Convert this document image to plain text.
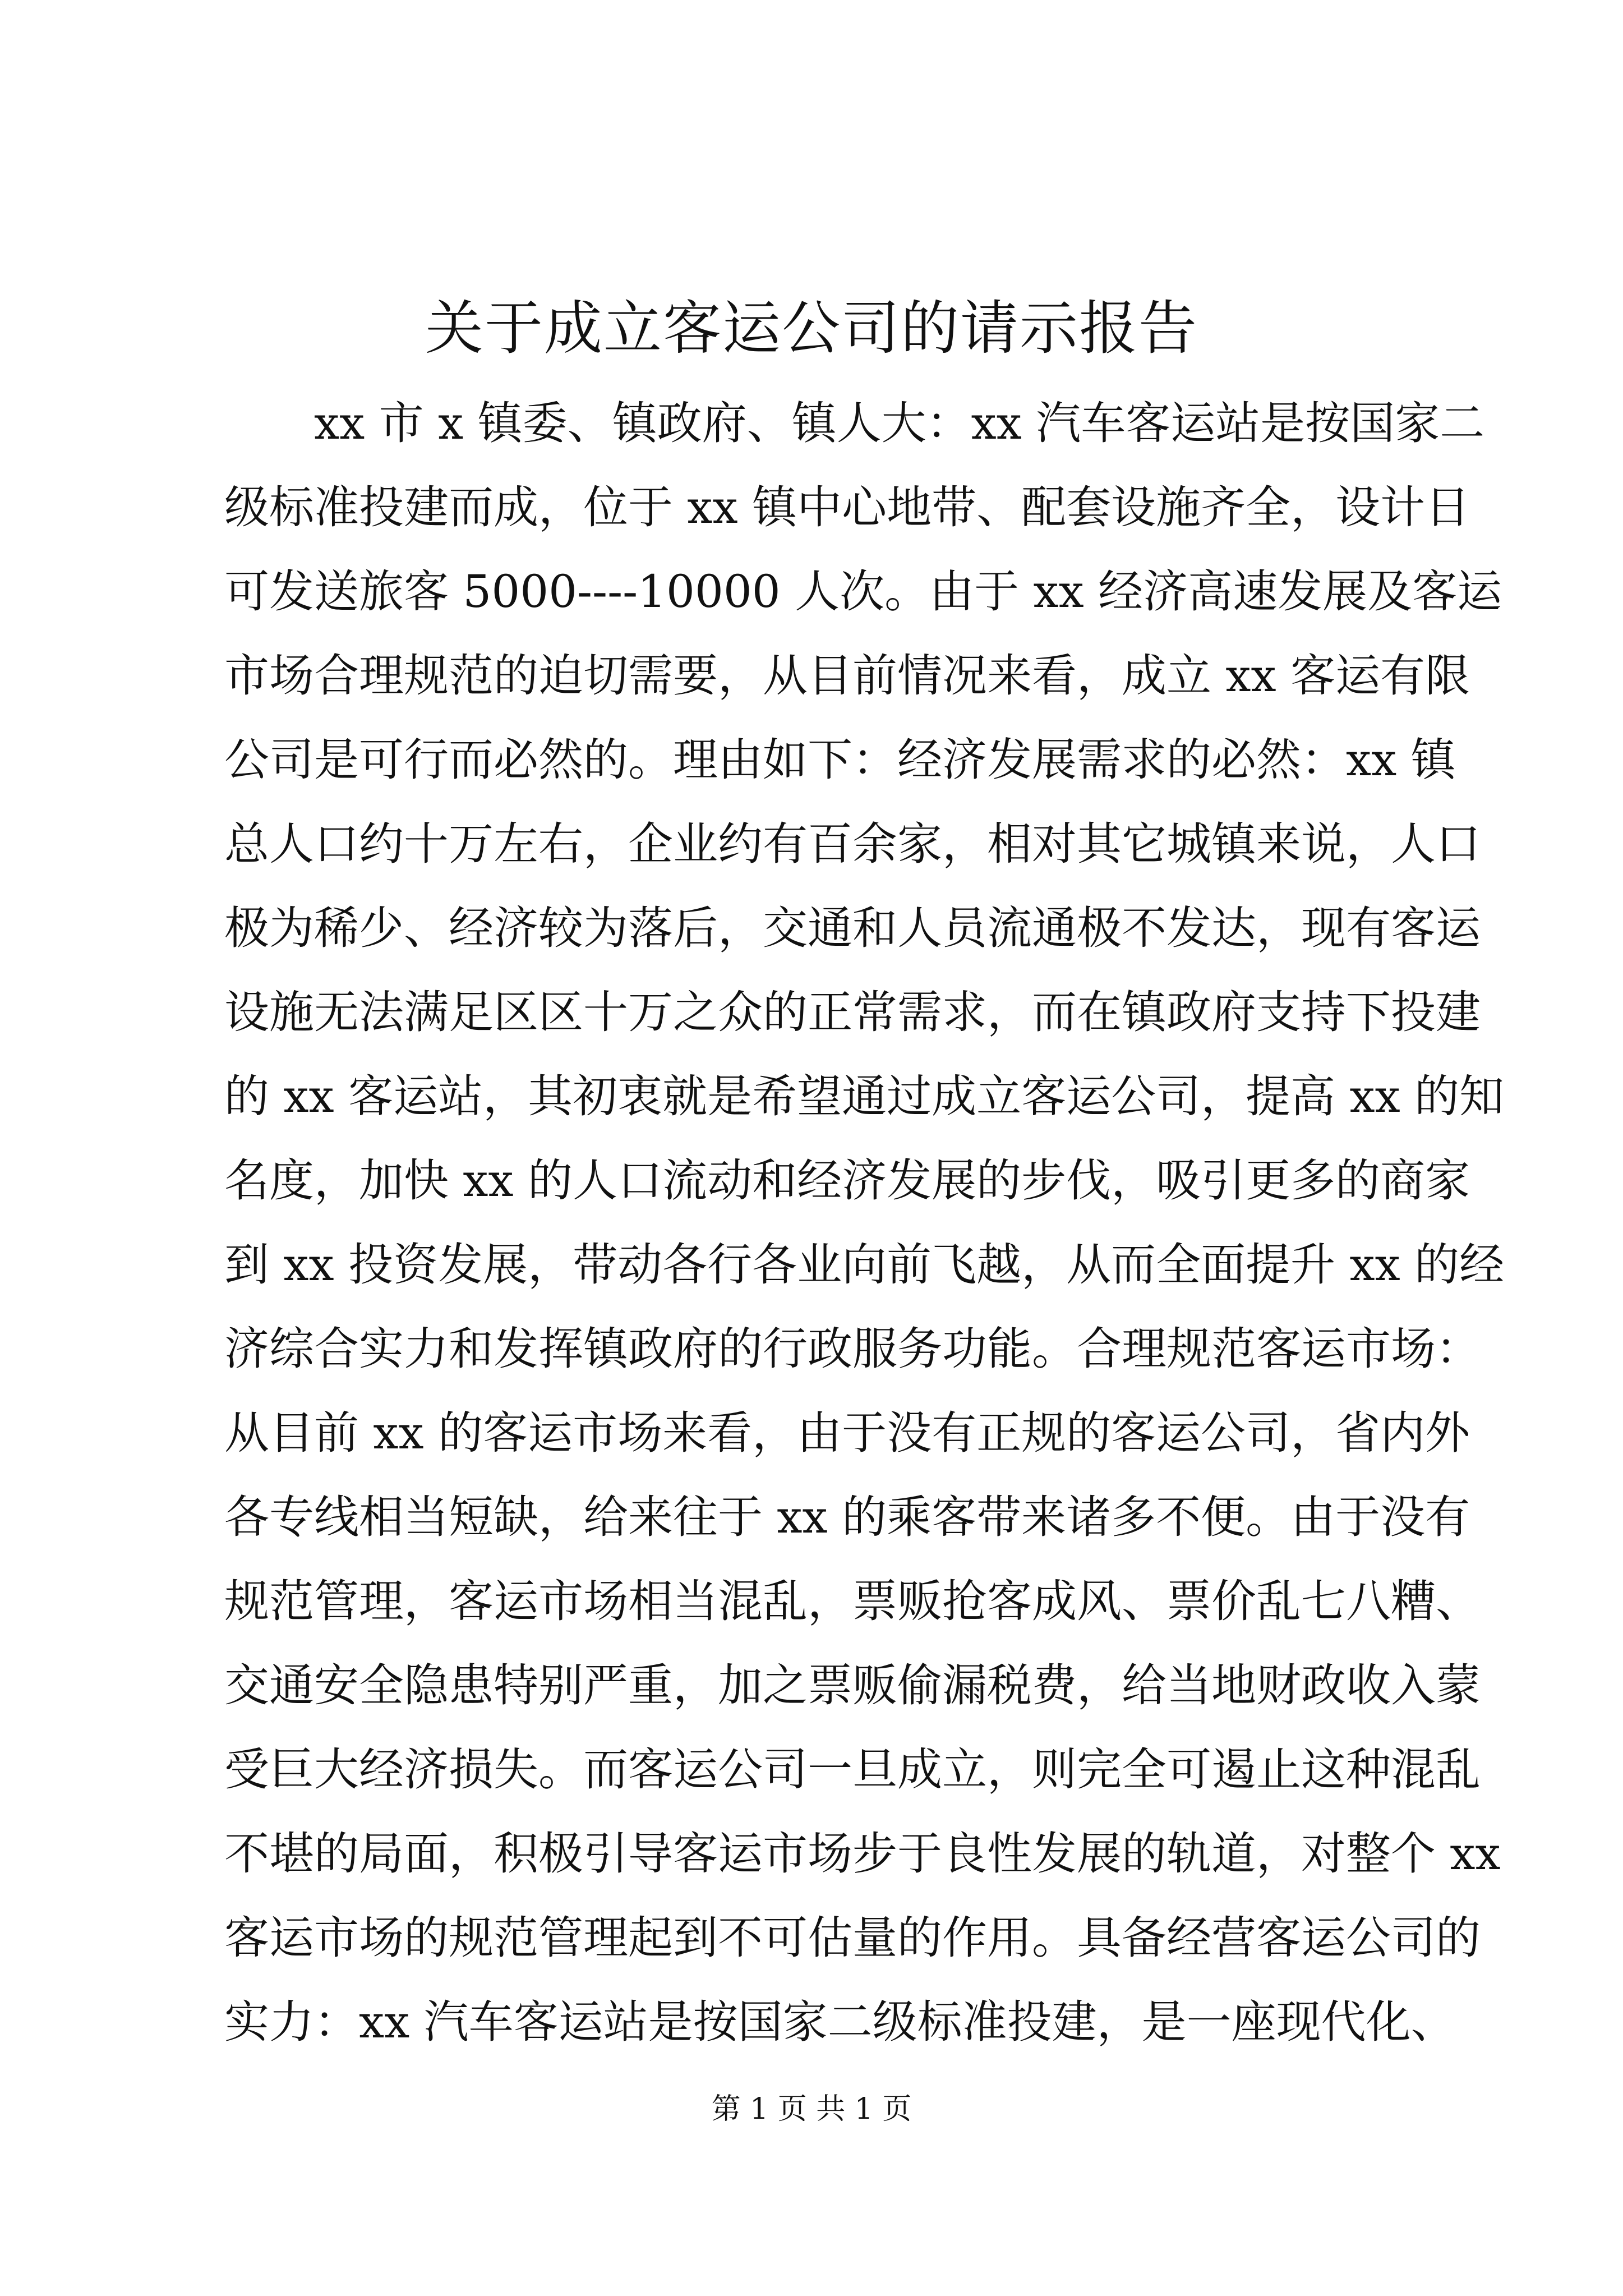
关于成立客运公司的请示报告
xx 市 x 镇委、镇政府、镇人大：xx 汽车客运站是按国家二
级标准投建而成，位于 xx 镇中心地带、配套设施齐全，设计日
可发送旅客 5000----10000 人次。由于 xx 经济高速发展及客运
市场合理规范的迫切需要，从目前情况来看，成立 xx 客运有限
公司是可行而必然的。理由如下：经济发展需求的必然：xx 镇
总人口约十万左右，企业约有百余家，相对其它城镇来说，人口
极为稀少、经济较为落后，交通和人员流通极不发达，现有客运
设施无法满足区区十万之众的正常需求，而在镇政府支持下投建
的 xx 客运站，其初衷就是希望通过成立客运公司，提高 xx 的知
名度，加快 xx 的人口流动和经济发展的步伐，吸引更多的商家
到 xx 投资发展，带动各行各业向前飞越，从而全面提升 xx 的经
济综合实力和发挥镇政府的行政服务功能。合理规范客运市场：
从目前 xx 的客运市场来看，由于没有正规的客运公司，省内外
各专线相当短缺，给来往于 xx 的乘客带来诸多不便。由于没有
规范管理，客运市场相当混乱，票贩抢客成风、票价乱七八糟、
交通安全隐患特别严重，加之票贩偷漏税费，给当地财政收入蒙
受巨大经济损失。而客运公司一旦成立，则完全可遏止这种混乱
不堪的局面，积极引导客运市场步于良性发展的轨道，对整个 xx
客运市场的规范管理起到不可估量的作用。具备经营客运公司的
实力：xx 汽车客运站是按国家二级标准投建，是一座现代化、
第 1 页 共 1 页
